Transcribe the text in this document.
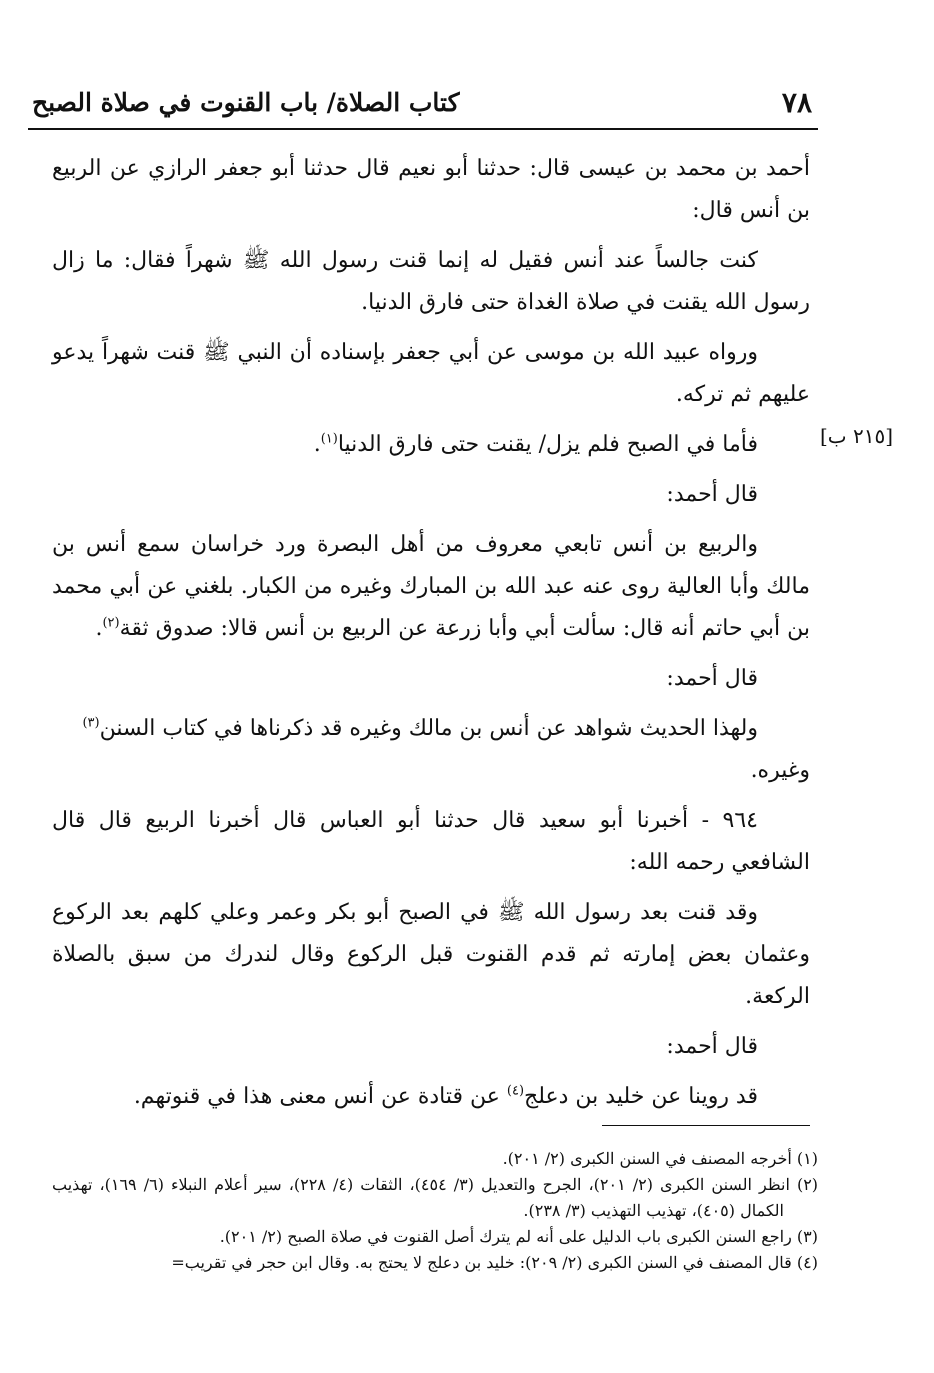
٧٨
كتاب الصلاة/ باب القنوت في صلاة الصبح
[٢١٥ ب]

أحمد بن محمد بن عيسى قال: حدثنا أبو نعيم قال حدثنا أبو جعفر الرازي عن الربيع بن أنس قال:

كنت جالساً عند أنس فقيل له إنما قنت رسول الله ﷺ شهراً فقال: ما زال رسول الله يقنت في صلاة الغداة حتى فارق الدنيا.

ورواه عبيد الله بن موسى عن أبي جعفر بإسناده أن النبي ﷺ قنت شهراً يدعو عليهم ثم تركه.

فأما في الصبح فلم يزل/ يقنت حتى فارق الدنيا$^{(١)}$.

قال أحمد:

والربيع بن أنس تابعي معروف من أهل البصرة ورد خراسان سمع أنس بن مالك وأبا العالية روى عنه عبد الله بن المبارك وغيره من الكبار. بلغني عن أبي محمد بن أبي حاتم أنه قال: سألت أبي وأبا زرعة عن الربيع بن أنس قالا: صدوق ثقة$^{(٢)}$.

قال أحمد:

ولهذا الحديث شواهد عن أنس بن مالك وغيره قد ذكرناها في كتاب السنن$^{(٣)}$
وغيره.

٩٦٤ - أخبرنا أبو سعيد قال حدثنا أبو العباس قال أخبرنا الربيع قال قال الشافعي رحمه الله:

وقد قنت بعد رسول الله ﷺ في الصبح أبو بكر وعمر وعلي كلهم بعد الركوع وعثمان بعض إمارته ثم قدم القنوت قبل الركوع وقال لندرك من سبق بالصلاة الركعة.

قال أحمد:

قد روينا عن خليد بن دعلج$^{(٤)}$ عن قتادة عن أنس معنى هذا في قنوتهم.

(١) أخرجه المصنف في السنن الكبرى (٢/ ٢٠١).

(٢) انظر السنن الكبرى (٢/ ٢٠١)، الجرح والتعديل (٣/ ٤٥٤)، الثقات (٤/ ٢٢٨)، سير أعلام النبلاء (٦/ ١٦٩)، تهذيب الكمال (٤٠٥)، تهذيب التهذيب (٣/ ٢٣٨).

(٣) راجع السنن الكبرى باب الدليل على أنه لم يترك أصل القنوت في صلاة الصبح (٢/ ٢٠١).

(٤) قال المصنف في السنن الكبرى (٢/ ٢٠٩): خليد بن دعلج لا يحتج به. وقال ابن حجر في تقريب=
